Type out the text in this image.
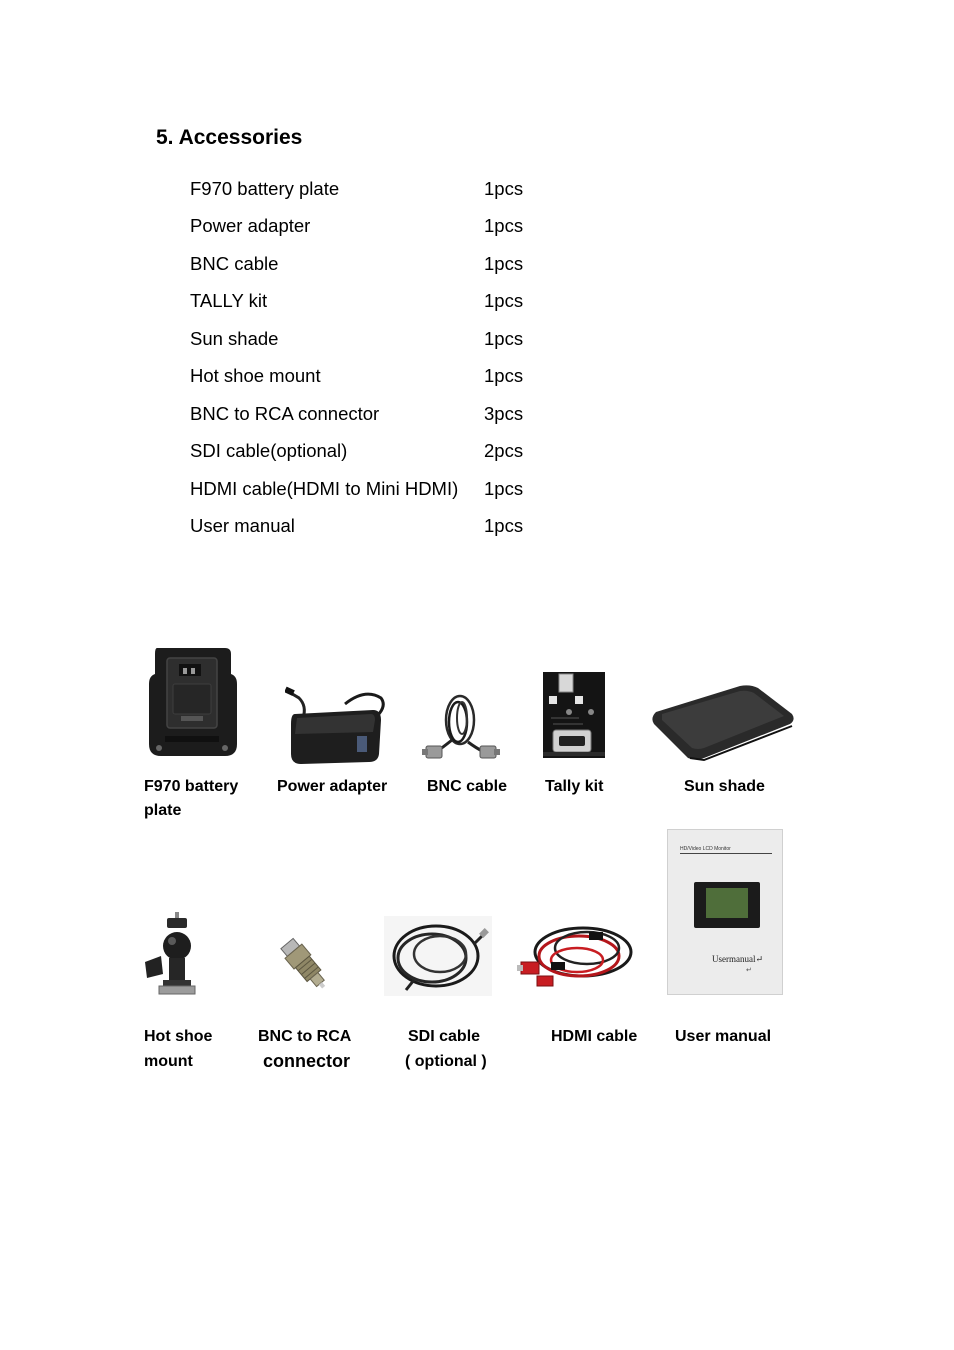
5. Accessories
F970 battery plate	1pcs
Power adapter	1pcs
BNC cable	1pcs
TALLY kit	1pcs
Sun shade	1pcs
Hot shoe mount	1pcs
BNC to RCA connector	3pcs
SDI cable(optional)	2pcs
HDMI cable(HDMI to Mini HDMI) 1pcs
User manual	1pcs
F970 battery
plate
Power adapter BNC cable Tally kit	Sun shade
HD/Video LCD Monitor
Usermanual↵
↵
Hot shoe
mount
BNC to RCA
connector
SDI cable
( optional )
HDMI cable User manual
